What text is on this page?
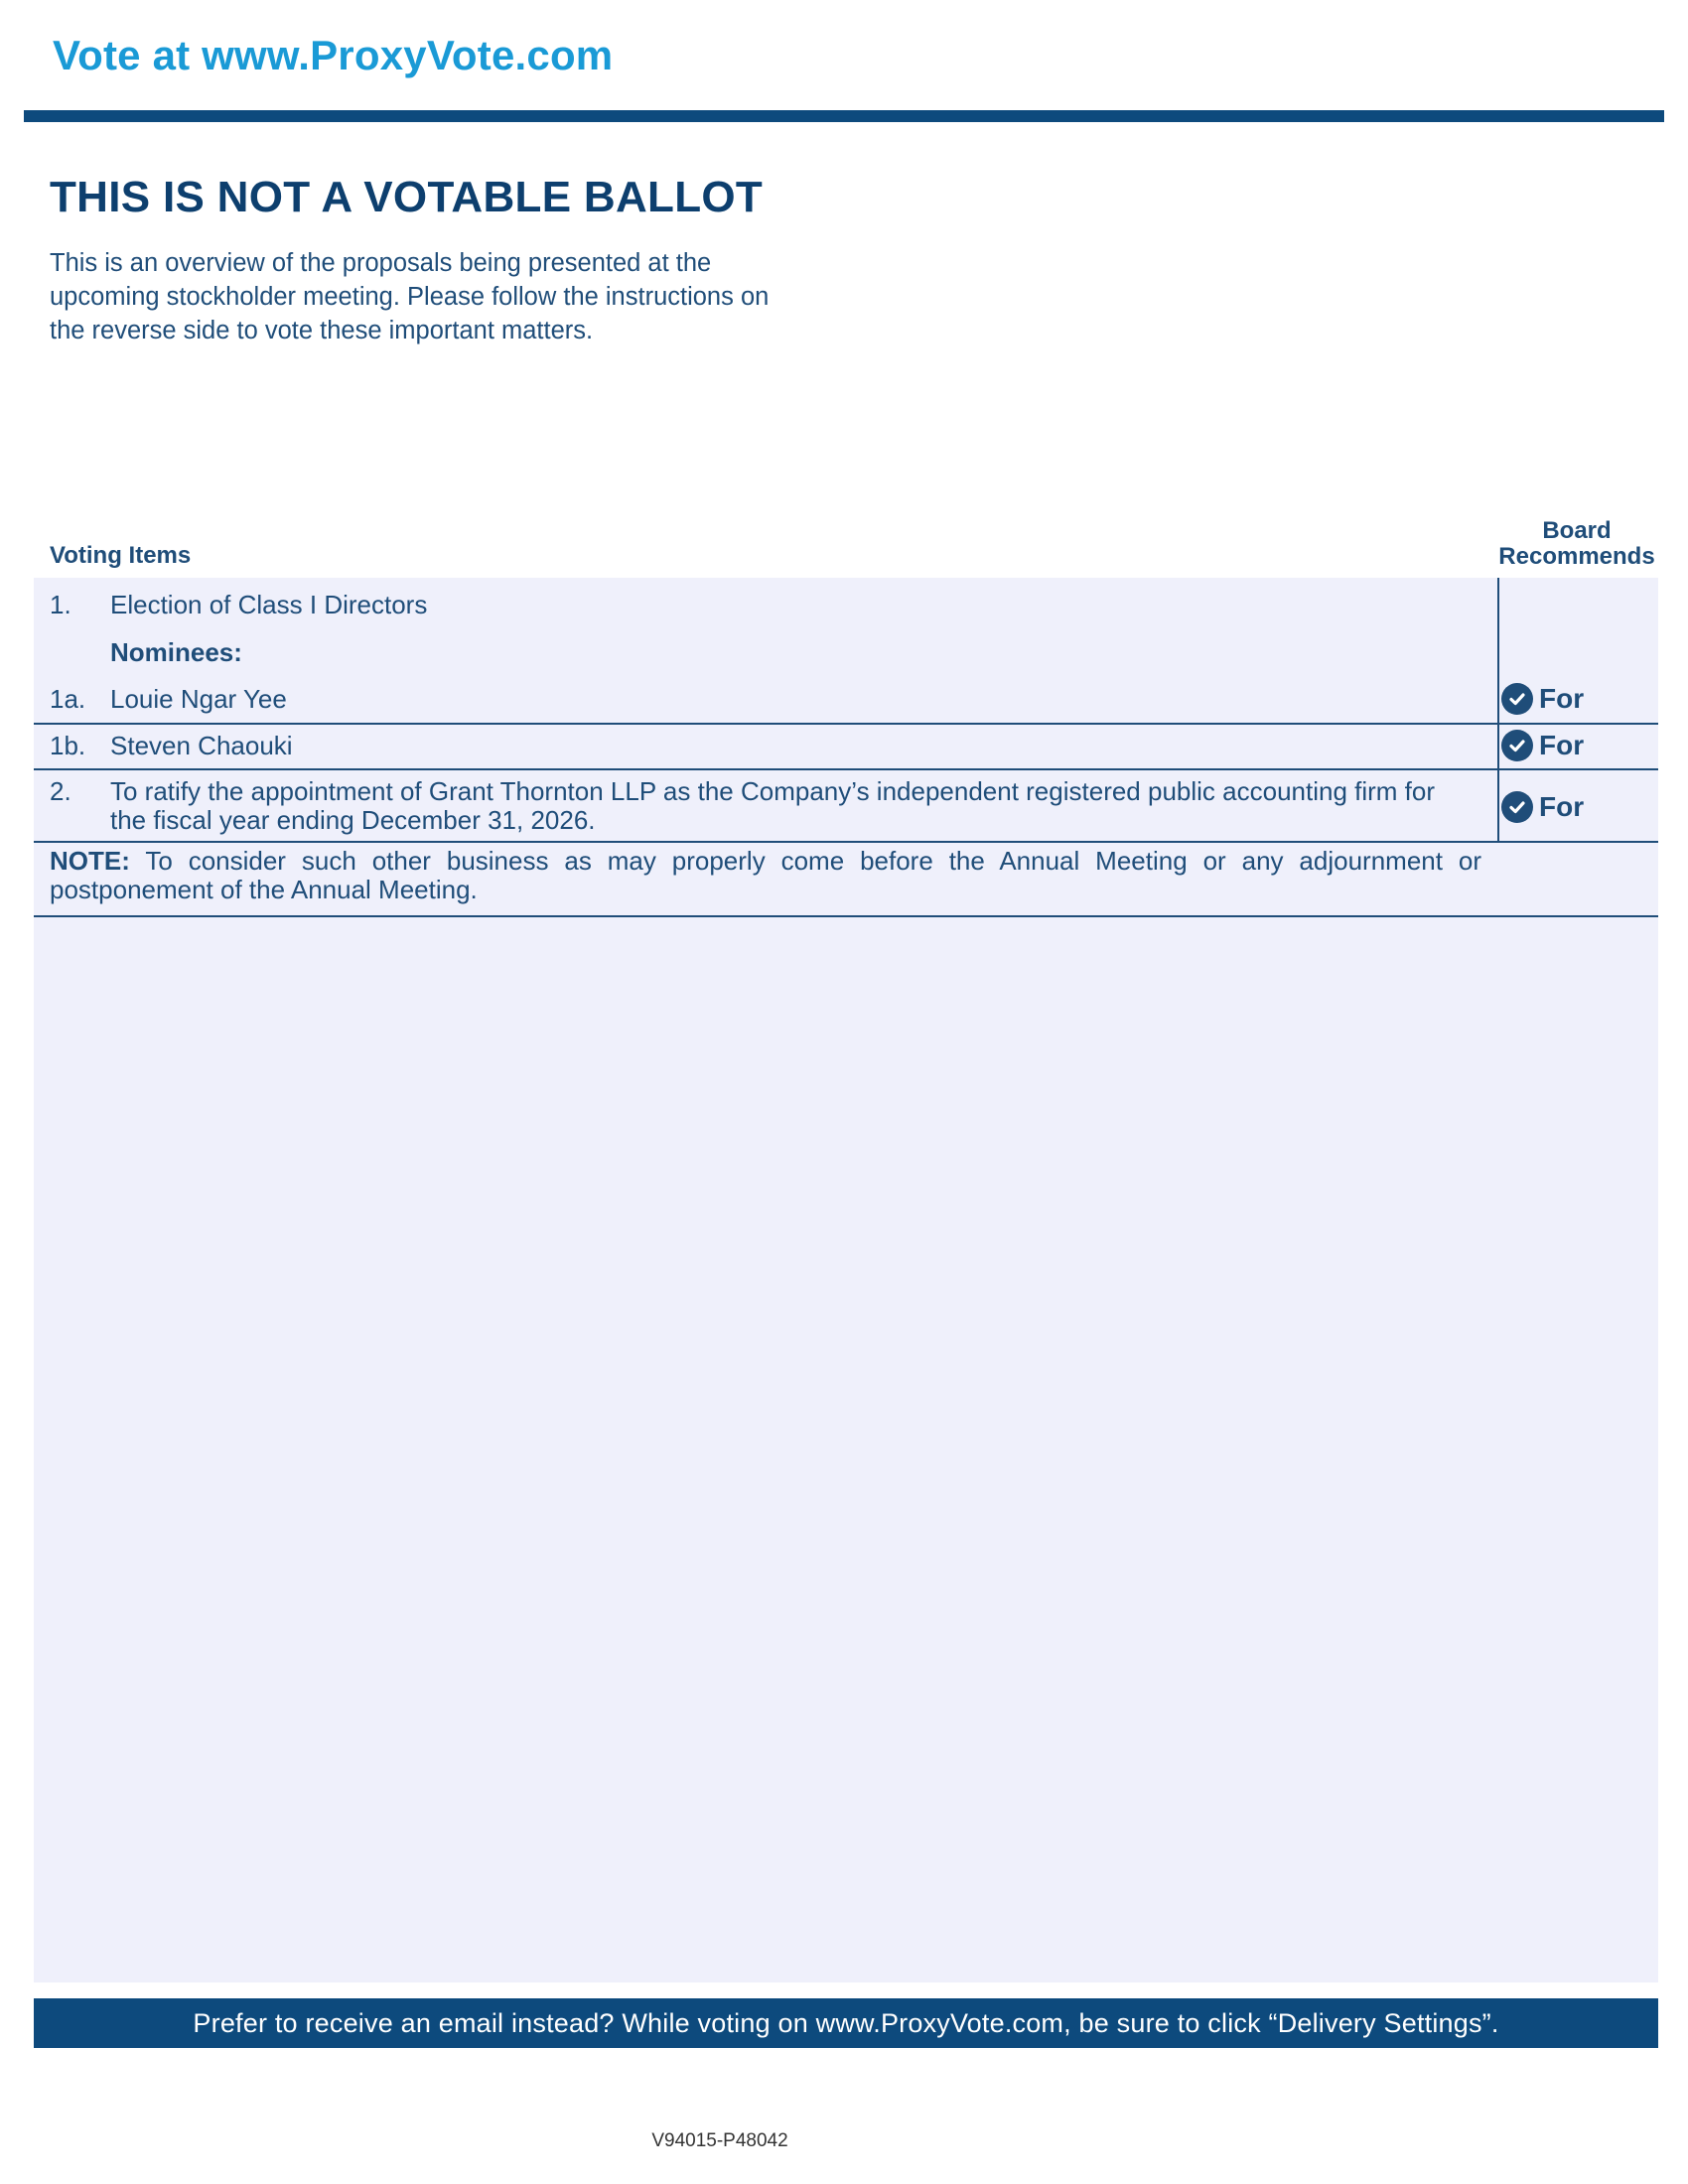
Vote at www.ProxyVote.com
THIS IS NOT A VOTABLE BALLOT
This is an overview of the proposals being presented at the
upcoming stockholder meeting. Please follow the instructions on
the reverse side to vote these important matters.
Voting Items
Board
Recommends
1. Election of Class I Directors
Nominees:
1a. Louie Ngar Yee	For
1b. Steven Chaouki	For
2. To ratify the appointment of Grant Thornton LLP as the Company’s independent registered public accounting firm for
the fiscal year ending December 31, 2026.	For
NOTE: To consider such other business as may properly come before the Annual Meeting or any adjournment or postponement of the Annual Meeting.
Prefer to receive an email instead? While voting on www.ProxyVote.com, be sure to click “Delivery Settings”.
V94015-P48042
